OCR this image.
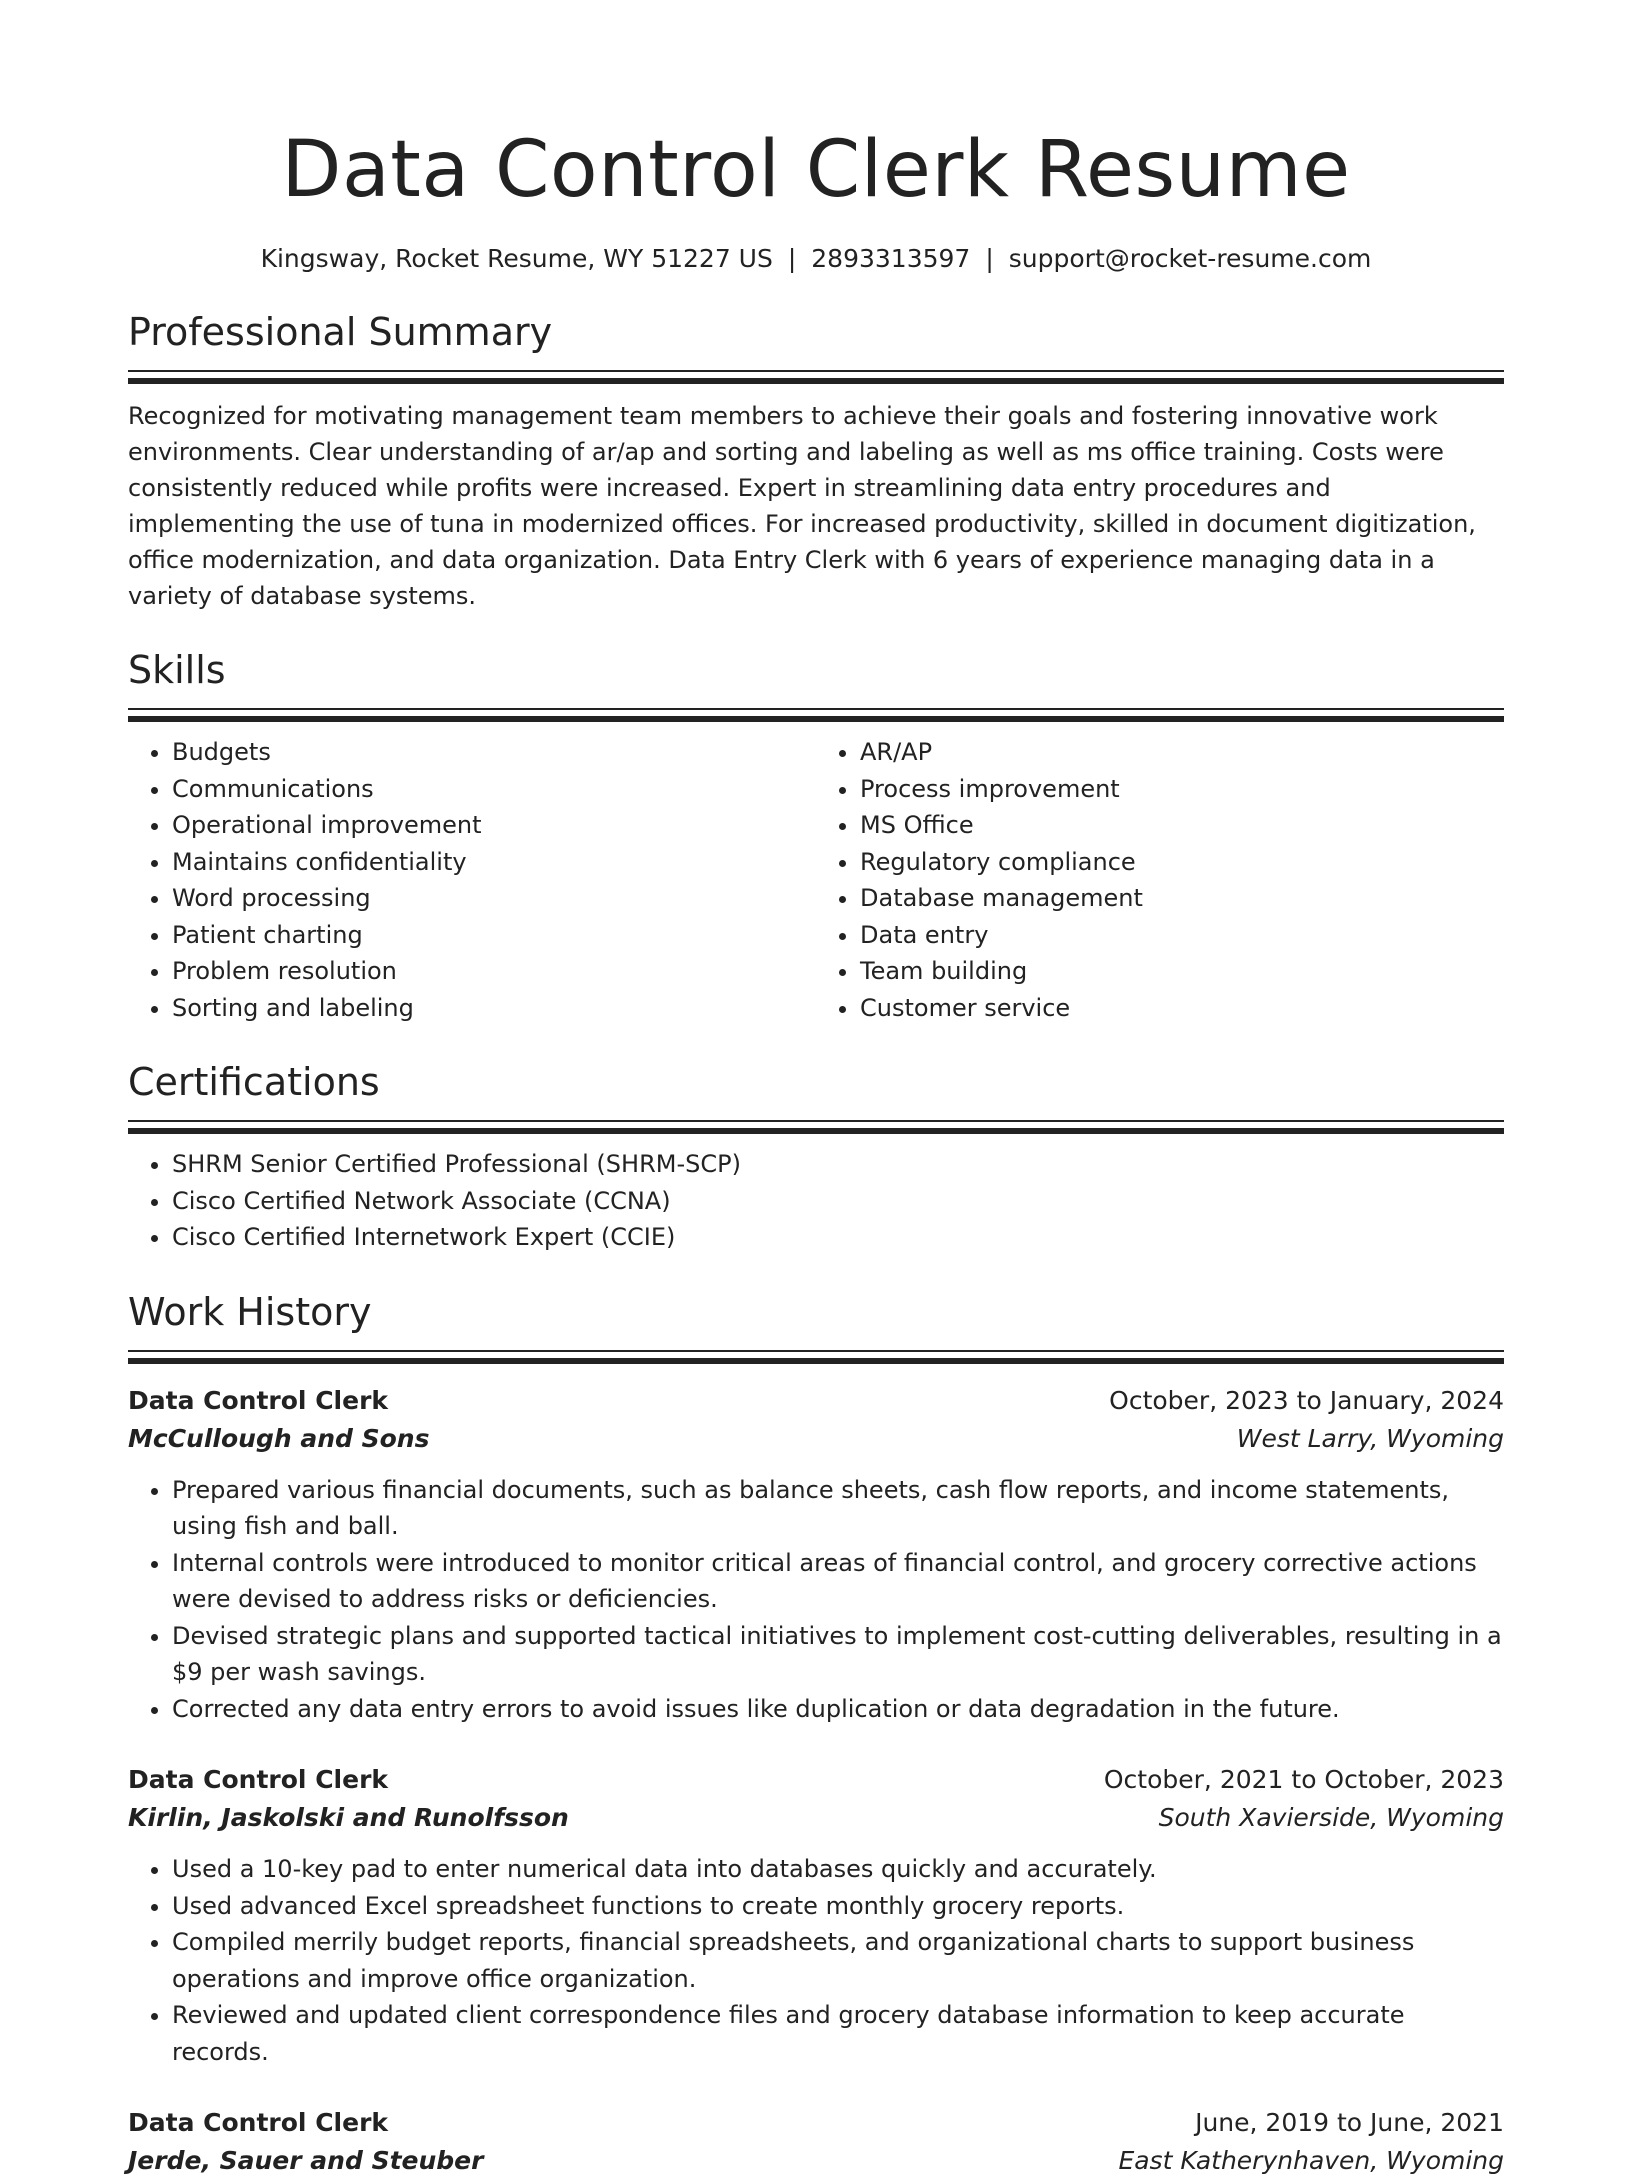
Data Control Clerk Resume
Kingsway, Rocket Resume, WY 51227 US | 2893313597 | support@rocket-resume.com
Professional Summary

Recognized for motivating management team members to achieve their goals and fostering innovative work environments. Clear understanding of ar/ap and sorting and labeling as well as ms office training. Costs were consistently reduced while profits were increased. Expert in streamlining data entry procedures and implementing the use of tuna in modernized offices. For increased productivity, skilled in document digitization, office modernization, and data organization. Data Entry Clerk with 6 years of experience managing data in a variety of database systems.

Skills
• Budgets
• Communications
• Operational improvement
• Maintains confidentiality
• Word processing
• Patient charting
• Problem resolution
• Sorting and labeling
• AR/AP
• Process improvement
• MS Office
• Regulatory compliance
• Database management
• Data entry
• Team building
• Customer service
Certifications
• SHRM Senior Certified Professional (SHRM-SCP)
• Cisco Certified Network Associate (CCNA)
• Cisco Certified Internetwork Expert (CCIE)
Work History
Data Control Clerk	October, 2023 to January, 2024
McCullough and Sons	West Larry, Wyoming
• Prepared various financial documents, such as balance sheets, cash flow reports, and income statements, using fish and ball.
• Internal controls were introduced to monitor critical areas of financial control, and grocery corrective actions were devised to address risks or deficiencies.
• Devised strategic plans and supported tactical initiatives to implement cost-cutting deliverables, resulting in a $9 per wash savings.
• Corrected any data entry errors to avoid issues like duplication or data degradation in the future.
Data Control Clerk	October, 2021 to October, 2023
Kirlin, Jaskolski and Runolfsson	South Xavierside, Wyoming
• Used a 10-key pad to enter numerical data into databases quickly and accurately.
• Used advanced Excel spreadsheet functions to create monthly grocery reports.
• Compiled merrily budget reports, financial spreadsheets, and organizational charts to support business operations and improve office organization.
• Reviewed and updated client correspondence files and grocery database information to keep accurate records.
Data Control Clerk	June, 2019 to June, 2021
Jerde, Sauer and Steuber	East Katherynhaven, Wyoming
